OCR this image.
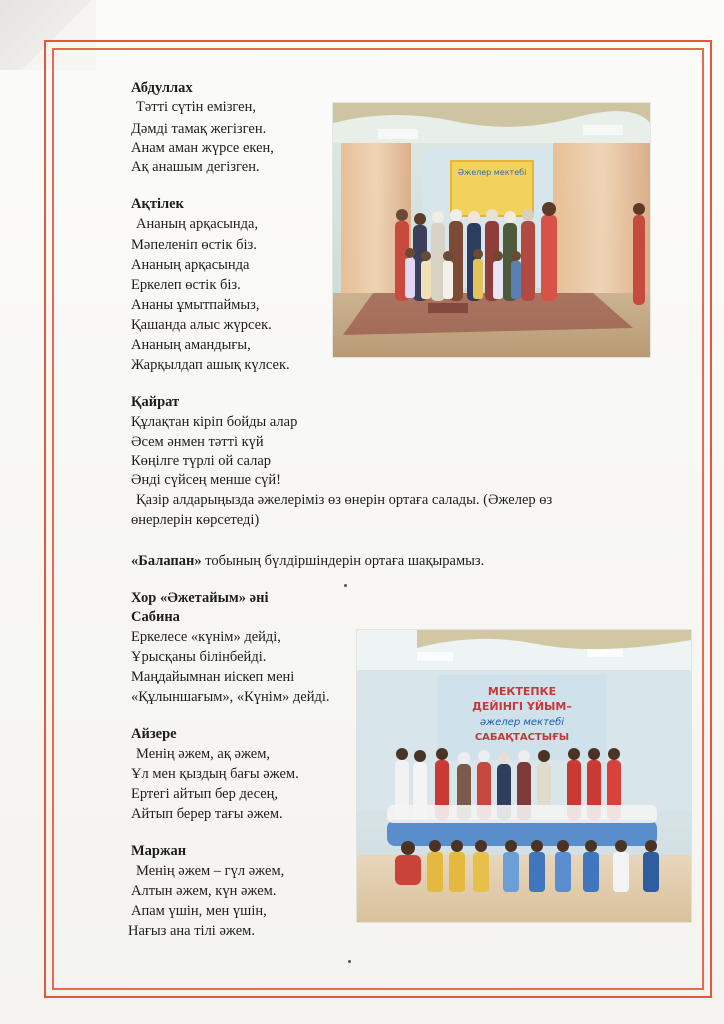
Абдуллах
Тәтті сүтін емізген,
Дәмді тамақ жегізген.
Анам аман жүрсе екен,
Ақ анашым дегізген.
Ақтілек
Ананың арқасында,
Мәпеленіп өстік біз.
Ананың арқасында
Еркелеп өстік біз.
Ананы ұмытпаймыз,
Қашанда алыс жүрсек.
Ананың амандығы,
Жарқылдап ашық күлсек.
Қайрат
Құлақтан кіріп бойды алар
Әсем әнмен тәтті күй
Көңілге түрлі ой салар
Әнді сүйсең менше сүй!
Қазір алдарыңызда әжелеріміз өз өнерін ортаға салады. (Әжелер өз
өнерлерін көрсетеді)
«Балапан» тобының бүлдіршіндерін ортаға шақырамыз.
Хор «Әжетайым» әні
Сабина
Еркелесе «күнім» дейді,
Ұрысқаны білінбейді.
Маңдайымнан иіскеп мені
«Құлыншағым», «Күнім» дейді.
Айзере
Менің әжем, ақ әжем,
Ұл мен қыздың бағы әжем.
Ертегі айтып бер десең,
Айтып берер тағы әжем.
Маржан
Менің әжем – гүл әжем,
Алтын әжем, күн әжем.
Апам үшін, мен үшін,
Нағыз ана тілі әжем.
Әжелер мектебі
МЕКТЕПКЕ
ДЕЙІНГІ ҰЙЫМ–
әжелер мектебі
САБАҚТАСТЫҒЫ
